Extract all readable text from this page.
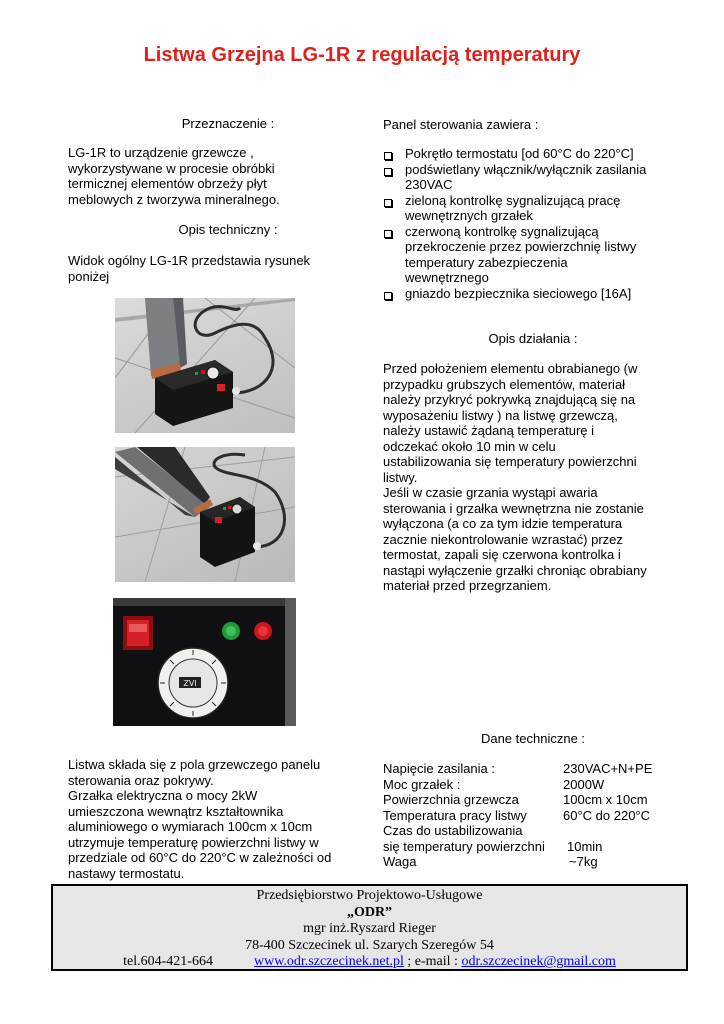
Listwa Grzejna LG-1R z regulacją temperatury
Przeznaczenie :
LG-1R to urządzenie grzewcze ,
wykorzystywane w procesie obróbki
termicznej elementów obrzeży płyt
meblowych z tworzywa mineralnego.
Opis techniczny :
Widok ogólny LG-1R przedstawia rysunek
poniżej
ZVI
Listwa składa się z pola grzewczego panelu
sterowania oraz pokrywy.
Grzałka elektryczna o mocy 2kW
umieszczona wewnątrz kształtownika
aluminiowego o wymiarach 100cm x 10cm
utrzymuje temperaturę powierzchni listwy w
przedziale od 60°C do 220°C w zależności od
nastawy termostatu.
Panel sterowania zawiera :
Pokrętło termostatu [od 60°C do 220°C]
podświetlany włącznik/wyłącznik zasilania
230VAC
zieloną kontrolkę sygnalizującą pracę
wewnętrznych grzałek
czerwoną kontrolkę sygnalizującą
przekroczenie przez powierzchnię listwy
temperatury zabezpieczenia
wewnętrznego
gniazdo bezpiecznika sieciowego [16A]
Opis działania :
Przed położeniem elementu obrabianego (w
przypadku grubszych elementów, materiał
należy przykryć pokrywką znajdującą się na
wyposażeniu listwy ) na listwę grzewczą,
należy ustawić żądaną temperaturę i
odczekać około 10 min w celu
ustabilizowania się temperatury powierzchni
listwy.
Jeśli w czasie grzania wystąpi awaria
sterowania i grzałka wewnętrzna nie zostanie
wyłączona (a co za tym idzie temperatura
zacznie niekontrolowanie wzrastać) przez
termostat, zapali się czerwona kontrolka i
nastąpi wyłączenie grzałki chroniąc obrabiany
materiał przed przegrzaniem.
Dane techniczne :
Napięcie zasilania :	230VAC+N+PE
Moc grzałek :	2000W
Powierzchnia grzewcza	100cm x 10cm
Temperatura pracy listwy	60°C do 220°C
Czas do ustabilizowania
się temperatury powierzchni	10min
Waga	~7kg
Przedsiębiorstwo Projektowo-Usługowe
„ODR”
mgr inż.Ryszard Rieger
78-400 Szczecinek ul. Szarych Szeregów 54
tel.604-421-664	www.odr.szczecinek.net.pl ; e-mail : odr.szczecinek@gmail.com
